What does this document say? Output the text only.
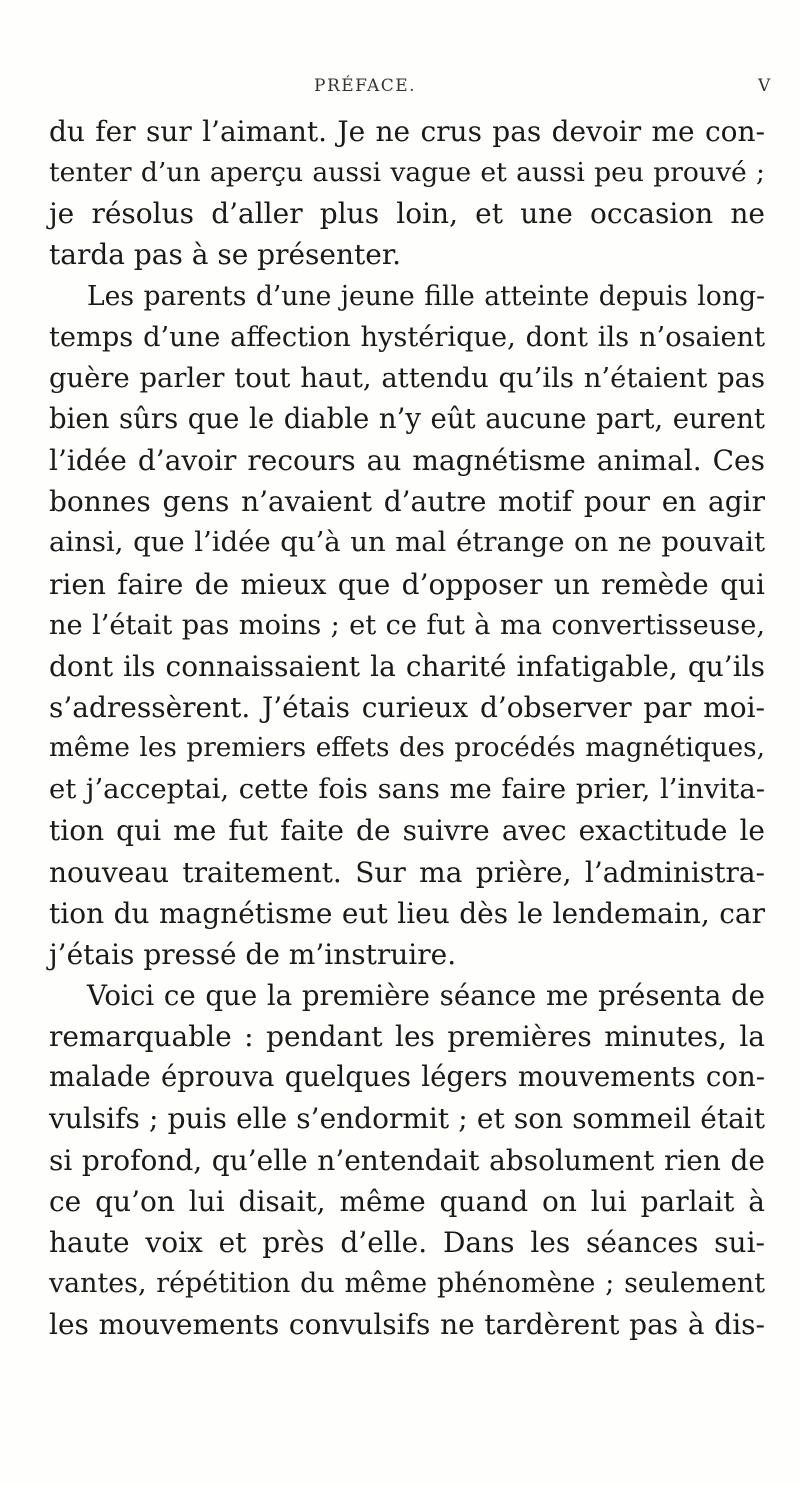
PRÉFACE.	V
du fer sur l’aimant. Je ne crus pas devoir me con-
tenter d’un aperçu aussi vague et aussi peu prouvé ;
je résolus d’aller plus loin, et une occasion ne
tarda pas à se présenter.
Les parents d’une jeune fille atteinte depuis long-
temps d’une affection hystérique, dont ils n’osaient
guère parler tout haut, attendu qu’ils n’étaient pas
bien sûrs que le diable n’y eût aucune part, eurent
l’idée d’avoir recours au magnétisme animal. Ces
bonnes gens n’avaient d’autre motif pour en agir
ainsi, que l’idée qu’à un mal étrange on ne pouvait
rien faire de mieux que d’opposer un remède qui
ne l’était pas moins ; et ce fut à ma convertisseuse,
dont ils connaissaient la charité infatigable, qu’ils
s’adressèrent. J’étais curieux d’observer par moi-
même les premiers effets des procédés magnétiques,
et j’acceptai, cette fois sans me faire prier, l’invita-
tion qui me fut faite de suivre avec exactitude le
nouveau traitement. Sur ma prière, l’administra-
tion du magnétisme eut lieu dès le lendemain, car
j’étais pressé de m’instruire.
Voici ce que la première séance me présenta de
remarquable : pendant les premières minutes, la
malade éprouva quelques légers mouvements con-
vulsifs ; puis elle s’endormit ; et son sommeil était
si profond, qu’elle n’entendait absolument rien de
ce qu’on lui disait, même quand on lui parlait à
haute voix et près d’elle. Dans les séances sui-
vantes, répétition du même phénomène ; seulement
les mouvements convulsifs ne tardèrent pas à dis-
